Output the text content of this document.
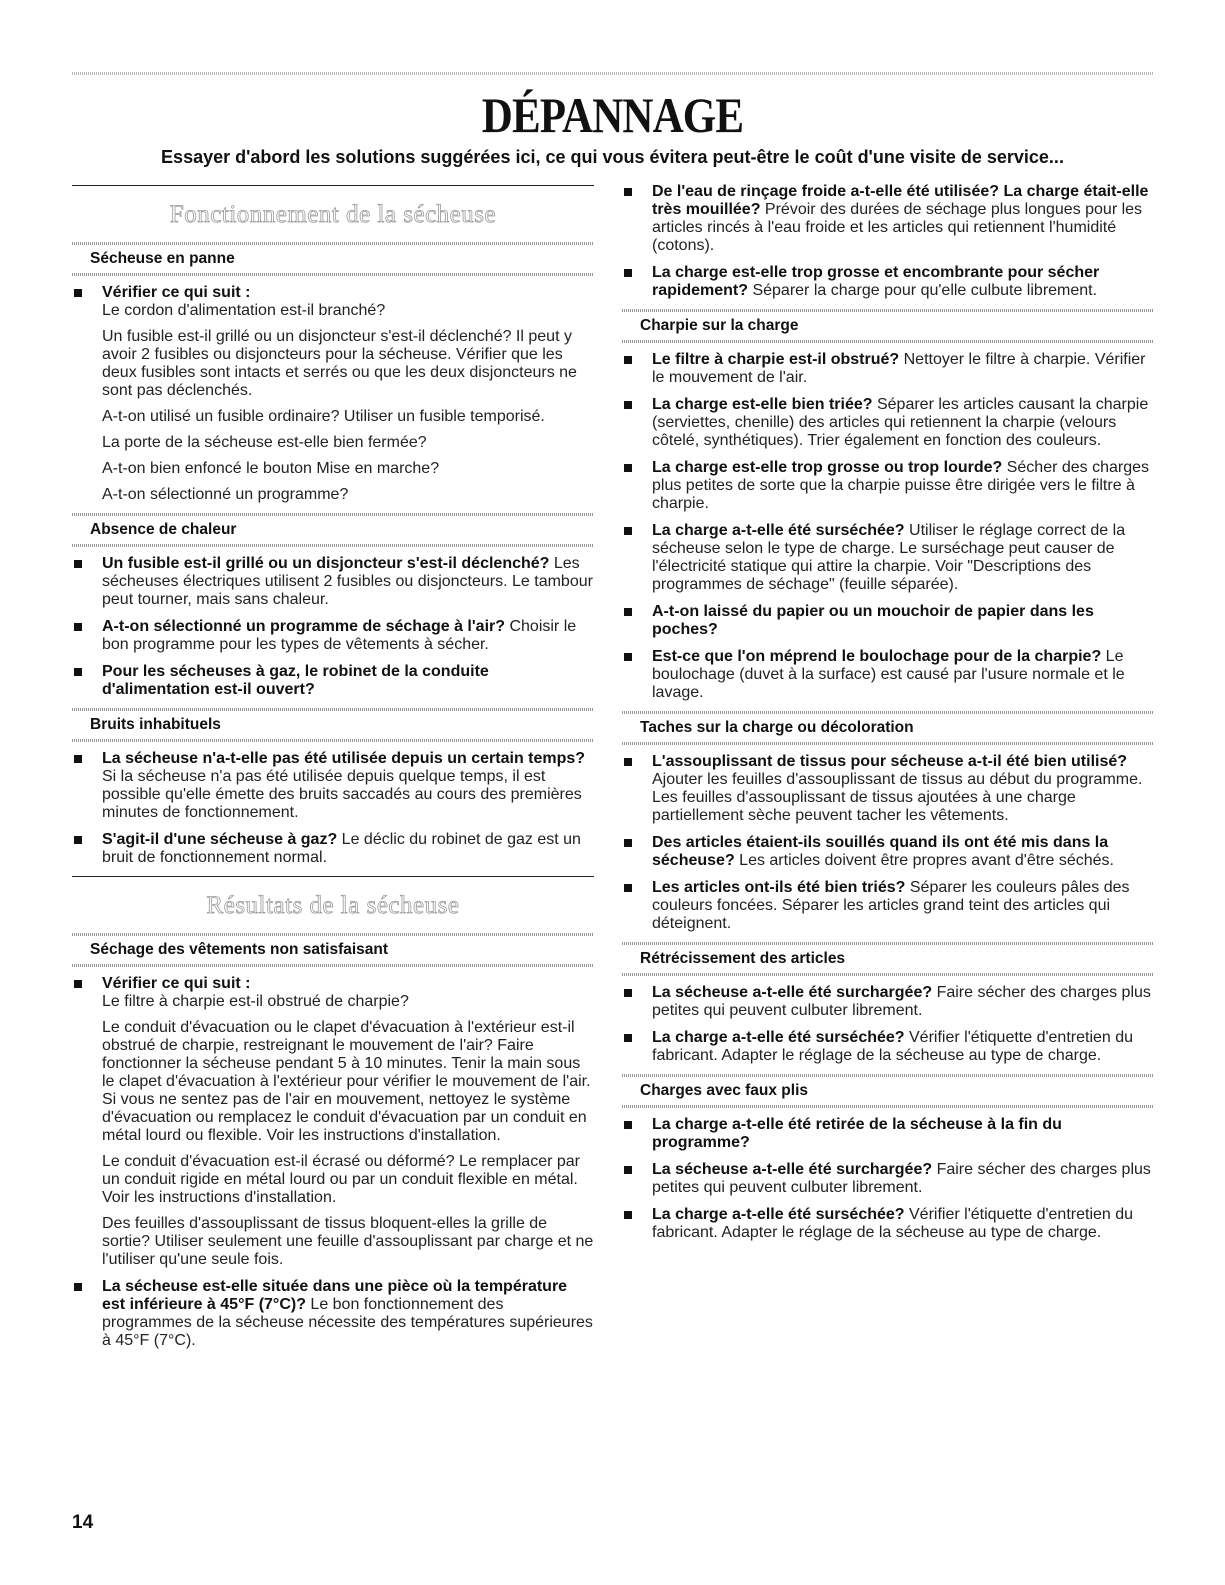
DÉPANNAGE

Essayer d'abord les solutions suggérées ici, ce qui vous évitera peut-être le coût d'une visite de service...

Fonctionnement de la sécheuse
Sécheuse en panne
Vérifier ce qui suit :
Le cordon d'alimentation est-il branché?

Un fusible est-il grillé ou un disjoncteur s'est-il déclenché? Il peut y avoir 2 fusibles ou disjoncteurs pour la sécheuse. Vérifier que les deux fusibles sont intacts et serrés ou que les deux disjoncteurs ne sont pas déclenchés.

A-t-on utilisé un fusible ordinaire? Utiliser un fusible temporisé.

La porte de la sécheuse est-elle bien fermée?

A-t-on bien enfoncé le bouton Mise en marche?

A-t-on sélectionné un programme?

Absence de chaleur
Un fusible est-il grillé ou un disjoncteur s'est-il déclenché? Les sécheuses électriques utilisent 2 fusibles ou disjoncteurs. Le tambour peut tourner, mais sans chaleur.
A-t-on sélectionné un programme de séchage à l'air? Choisir le bon programme pour les types de vêtements à sécher.
Pour les sécheuses à gaz, le robinet de la conduite d'alimentation est-il ouvert?
Bruits inhabituels
La sécheuse n'a-t-elle pas été utilisée depuis un certain temps? Si la sécheuse n'a pas été utilisée depuis quelque temps, il est possible qu'elle émette des bruits saccadés au cours des premières minutes de fonctionnement.
S'agit-il d'une sécheuse à gaz? Le déclic du robinet de gaz est un bruit de fonctionnement normal.
Résultats de la sécheuse
Séchage des vêtements non satisfaisant
Vérifier ce qui suit :
Le filtre à charpie est-il obstrué de charpie?

Le conduit d'évacuation ou le clapet d'évacuation à l'extérieur est-il obstrué de charpie, restreignant le mouvement de l'air? Faire fonctionner la sécheuse pendant 5 à 10 minutes. Tenir la main sous le clapet d'évacuation à l'extérieur pour vérifier le mouvement de l'air. Si vous ne sentez pas de l'air en mouvement, nettoyez le système d'évacuation ou remplacez le conduit d'évacuation par un conduit en métal lourd ou flexible. Voir les instructions d'installation.

Le conduit d'évacuation est-il écrasé ou déformé? Le remplacer par un conduit rigide en métal lourd ou par un conduit flexible en métal. Voir les instructions d'installation.

Des feuilles d'assouplissant de tissus bloquent-elles la grille de sortie? Utiliser seulement une feuille d'assouplissant par charge et ne l'utiliser qu'une seule fois.

La sécheuse est-elle située dans une pièce où la température est inférieure à 45°F (7°C)? Le bon fonctionnement des programmes de la sécheuse nécessite des températures supérieures à 45°F (7°C).
De l'eau de rinçage froide a-t-elle été utilisée? La charge était-elle très mouillée? Prévoir des durées de séchage plus longues pour les articles rincés à l'eau froide et les articles qui retiennent l'humidité (cotons).
La charge est-elle trop grosse et encombrante pour sécher rapidement? Séparer la charge pour qu'elle culbute librement.
Charpie sur la charge
Le filtre à charpie est-il obstrué? Nettoyer le filtre à charpie. Vérifier le mouvement de l'air.
La charge est-elle bien triée? Séparer les articles causant la charpie (serviettes, chenille) des articles qui retiennent la charpie (velours côtelé, synthétiques). Trier également en fonction des couleurs.
La charge est-elle trop grosse ou trop lourde? Sécher des charges plus petites de sorte que la charpie puisse être dirigée vers le filtre à charpie.
La charge a-t-elle été surséchée? Utiliser le réglage correct de la sécheuse selon le type de charge. Le surséchage peut causer de l'électricité statique qui attire la charpie. Voir "Descriptions des programmes de séchage" (feuille séparée).
A-t-on laissé du papier ou un mouchoir de papier dans les poches?
Est-ce que l'on méprend le boulochage pour de la charpie? Le boulochage (duvet à la surface) est causé par l'usure normale et le lavage.
Taches sur la charge ou décoloration
L'assouplissant de tissus pour sécheuse a-t-il été bien utilisé? Ajouter les feuilles d'assouplissant de tissus au début du programme. Les feuilles d'assouplissant de tissus ajoutées à une charge partiellement sèche peuvent tacher les vêtements.
Des articles étaient-ils souillés quand ils ont été mis dans la sécheuse? Les articles doivent être propres avant d'être séchés.
Les articles ont-ils été bien triés? Séparer les couleurs pâles des couleurs foncées. Séparer les articles grand teint des articles qui déteignent.
Rétrécissement des articles
La sécheuse a-t-elle été surchargée? Faire sécher des charges plus petites qui peuvent culbuter librement.
La charge a-t-elle été surséchée? Vérifier l'étiquette d'entretien du fabricant. Adapter le réglage de la sécheuse au type de charge.
Charges avec faux plis
La charge a-t-elle été retirée de la sécheuse à la fin du programme?
La sécheuse a-t-elle été surchargée? Faire sécher des charges plus petites qui peuvent culbuter librement.
La charge a-t-elle été surséchée? Vérifier l'étiquette d'entretien du fabricant. Adapter le réglage de la sécheuse au type de charge.
14
